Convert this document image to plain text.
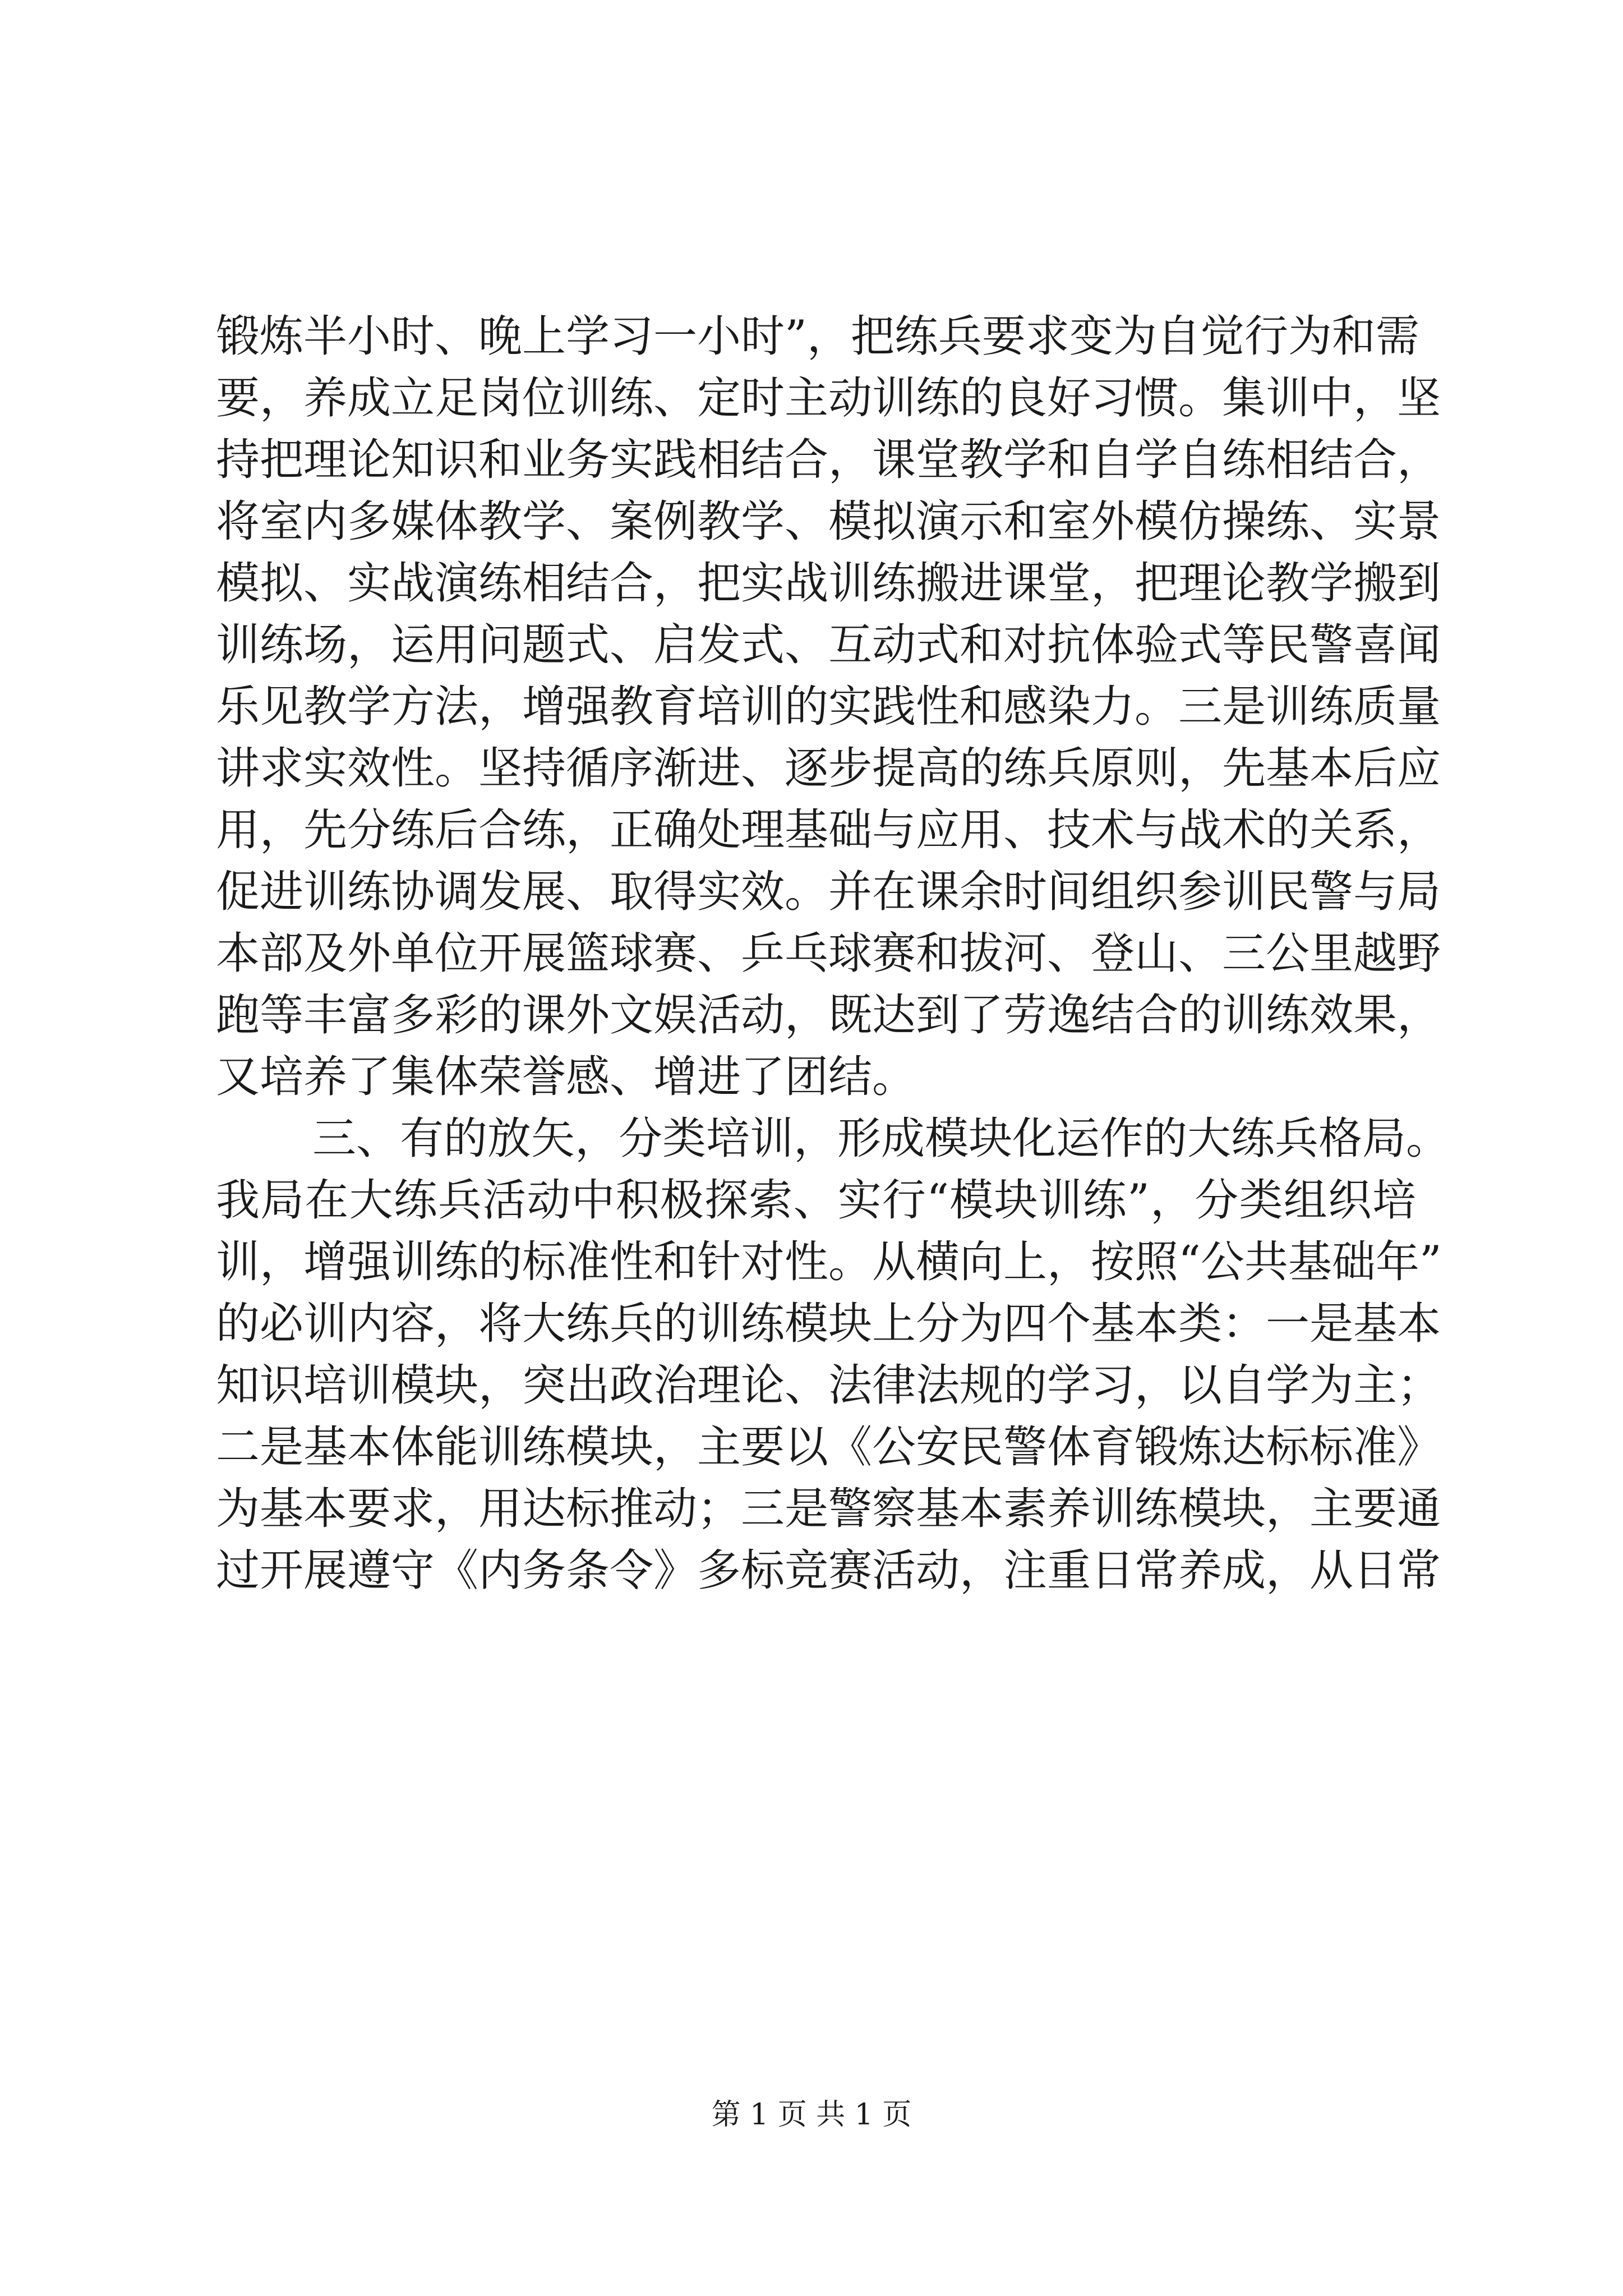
锻炼半小时、晚上学习一小时”，把练兵要求变为自觉行为和需
要，养成立足岗位训练、定时主动训练的良好习惯。集训中，坚
持把理论知识和业务实践相结合，课堂教学和自学自练相结合，
将室内多媒体教学、案例教学、模拟演示和室外模仿操练、实景
模拟、实战演练相结合，把实战训练搬进课堂，把理论教学搬到
训练场，运用问题式、启发式、互动式和对抗体验式等民警喜闻
乐见教学方法，增强教育培训的实践性和感染力。三是训练质量
讲求实效性。坚持循序渐进、逐步提高的练兵原则，先基本后应
用，先分练后合练，正确处理基础与应用、技术与战术的关系，
促进训练协调发展、取得实效。并在课余时间组织参训民警与局
本部及外单位开展篮球赛、乒乓球赛和拔河、登山、三公里越野
跑等丰富多彩的课外文娱活动，既达到了劳逸结合的训练效果，
又培养了集体荣誉感、增进了团结。
三、有的放矢，分类培训，形成模块化运作的大练兵格局。
我局在大练兵活动中积极探索、实行“模块训练”，分类组织培
训，增强训练的标准性和针对性。从横向上，按照“公共基础年”
的必训内容，将大练兵的训练模块上分为四个基本类：一是基本
知识培训模块，突出政治理论、法律法规的学习，以自学为主；
二是基本体能训练模块，主要以《公安民警体育锻炼达标标准》
为基本要求，用达标推动；三是警察基本素养训练模块，主要通
过开展遵守《内务条令》多标竞赛活动，注重日常养成，从日常
第 1 页 共 1 页
